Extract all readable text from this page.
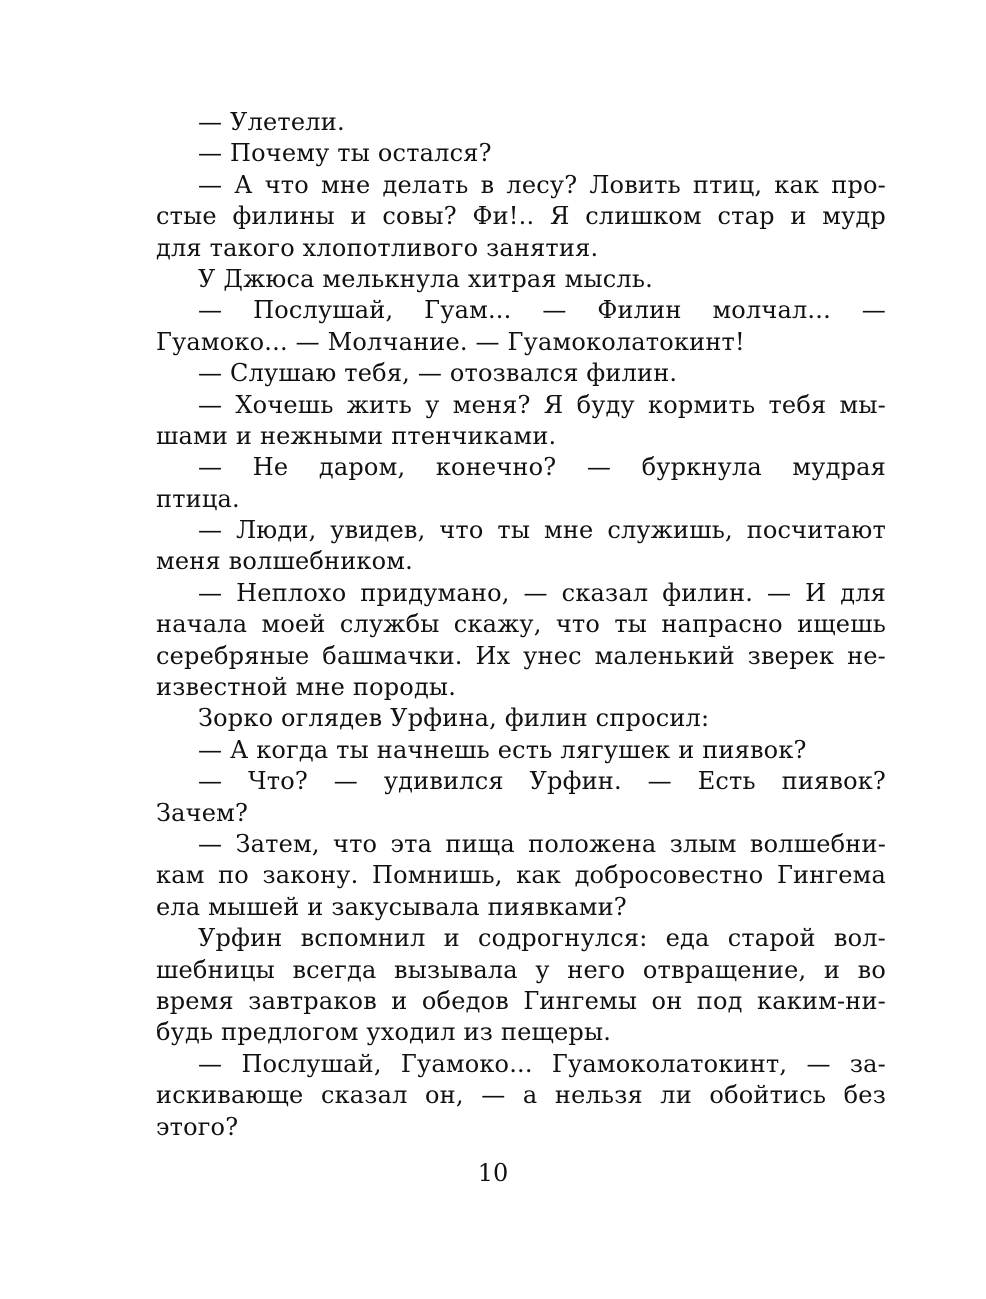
— Улетели.
— Почему ты остался?
— А что мне делать в лесу? Ловить птиц, как про-
стые филины и совы? Фи!.. Я слишком стар и мудр
для такого хлопотливого занятия.
У Джюса мелькнула хитрая мысль.
— Послушай, Гуам... — Филин молчал... —
Гуамоко... — Молчание. — Гуамоколатокинт!
— Слушаю тебя, — отозвался филин.
— Хочешь жить у меня? Я буду кормить тебя мы-
шами и нежными птенчиками.
— Не даром, конечно? — буркнула мудрая
птица.
— Люди, увидев, что ты мне служишь, посчитают
меня волшебником.
— Неплохо придумано, — сказал филин. — И для
начала моей службы скажу, что ты напрасно ищешь
серебряные башмачки. Их унес маленький зверек не-
известной мне породы.
Зорко оглядев Урфина, филин спросил:
— А когда ты начнешь есть лягушек и пиявок?
— Что? — удивился Урфин. — Есть пиявок?
Зачем?
— Затем, что эта пища положена злым волшебни-
кам по закону. Помнишь, как добросовестно Гингема
ела мышей и закусывала пиявками?
Урфин вспомнил и содрогнулся: еда старой вол-
шебницы всегда вызывала у него отвращение, и во
время завтраков и обедов Гингемы он под каким-ни-
будь предлогом уходил из пещеры.
— Послушай, Гуамоко... Гуамоколатокинт, — за-
искивающе сказал он, — а нельзя ли обойтись без
этого?
10
